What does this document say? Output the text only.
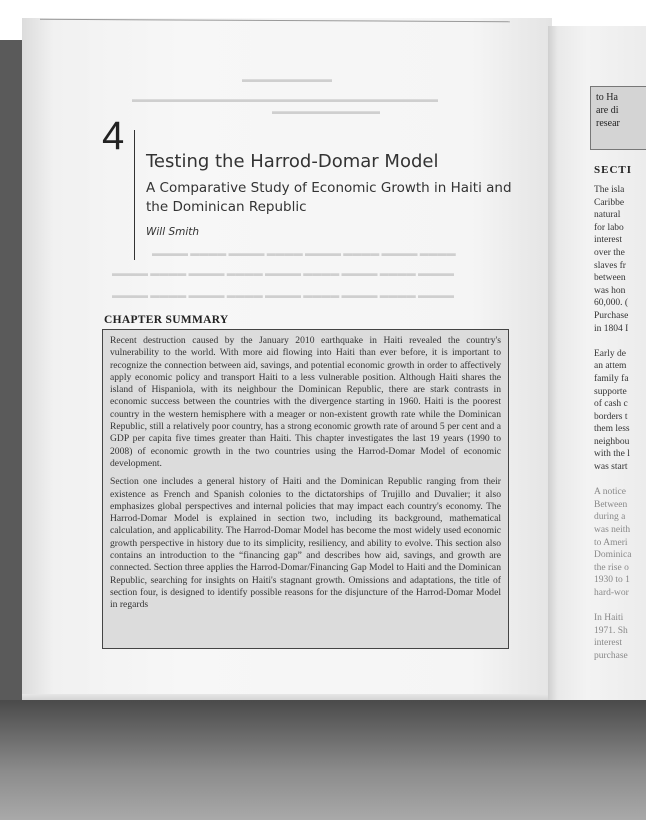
▬▬▬▬▬▬▬▬▬▬
▬▬▬▬▬▬▬▬▬▬▬▬▬▬▬▬▬▬▬▬▬▬▬▬▬▬▬▬▬▬▬▬▬▬
▬▬▬▬▬▬▬▬▬▬▬▬
▬▬▬▬ ▬▬▬▬ ▬▬▬▬ ▬▬▬▬ ▬▬▬▬ ▬▬▬▬ ▬▬▬▬ ▬▬▬▬
▬▬▬▬ ▬▬▬▬ ▬▬▬▬ ▬▬▬▬ ▬▬▬▬ ▬▬▬▬ ▬▬▬▬ ▬▬▬▬ ▬▬▬▬
▬▬▬▬ ▬▬▬▬ ▬▬▬▬ ▬▬▬▬ ▬▬▬▬ ▬▬▬▬ ▬▬▬▬ ▬▬▬▬ ▬▬▬▬
4
Testing the Harrod-Domar Model
A Comparative Study of Economic Growth in Haiti and the Dominican Republic
Will Smith
CHAPTER SUMMARY

Recent destruction caused by the January 2010 earthquake in Haiti revealed the country's vulnerability to the world. With more aid flowing into Haiti than ever before, it is important to recognize the connection between aid, savings, and potential economic growth in order to affectively apply economic policy and transport Haiti to a less vulnerable position. Although Haiti shares the island of Hispaniola, with its neighbour the Dominican Republic, there are stark contrasts in economic success between the countries with the divergence starting in 1960. Haiti is the poorest country in the western hemisphere with a meager or non-existent growth rate while the Dominican Republic, still a relatively poor country, has a strong economic growth rate of around 5 per cent and a GDP per capita five times greater than Haiti. This chapter investigates the last 19 years (1990 to 2008) of economic growth in the two countries using the Harrod-Domar Model of economic development.

Section one includes a general history of Haiti and the Dominican Republic ranging from their existence as French and Spanish colonies to the dictatorships of Trujillo and Duvalier; it also emphasizes global perspectives and internal policies that may impact each country's economy. The Harrod-Domar Model is explained in section two, including its background, mathematical calculation, and applicability. The Harrod-Domar Model has become the most widely used economic growth perspective in history due to its simplicity, resiliency, and ability to evolve. This section also contains an introduction to the “financing gap” and describes how aid, savings, and growth are connected. Section three applies the Harrod-Domar/Financing Gap Model to Haiti and the Dominican Republic, searching for insights on Haiti's stagnant growth. Omissions and adaptations, the title of section four, is designed to identify possible reasons for the disjuncture of the Harrod-Domar Model in regards

to Ha
are di
resear
SECTI
The isla
Caribbe
natural
for labo
interest
over the
slaves fr
between
was hon
60,000. (
Purchase
in 1804 I

Early de
an attem
family fa
supporte
of cash c
borders t
them less
neighbou
with the l
was start

A notice
Between
during a
was neith
to Ameri
Dominica
the rise o
1930 to 1
hard-wor

In Haiti
1971. Sh
interest
purchase
